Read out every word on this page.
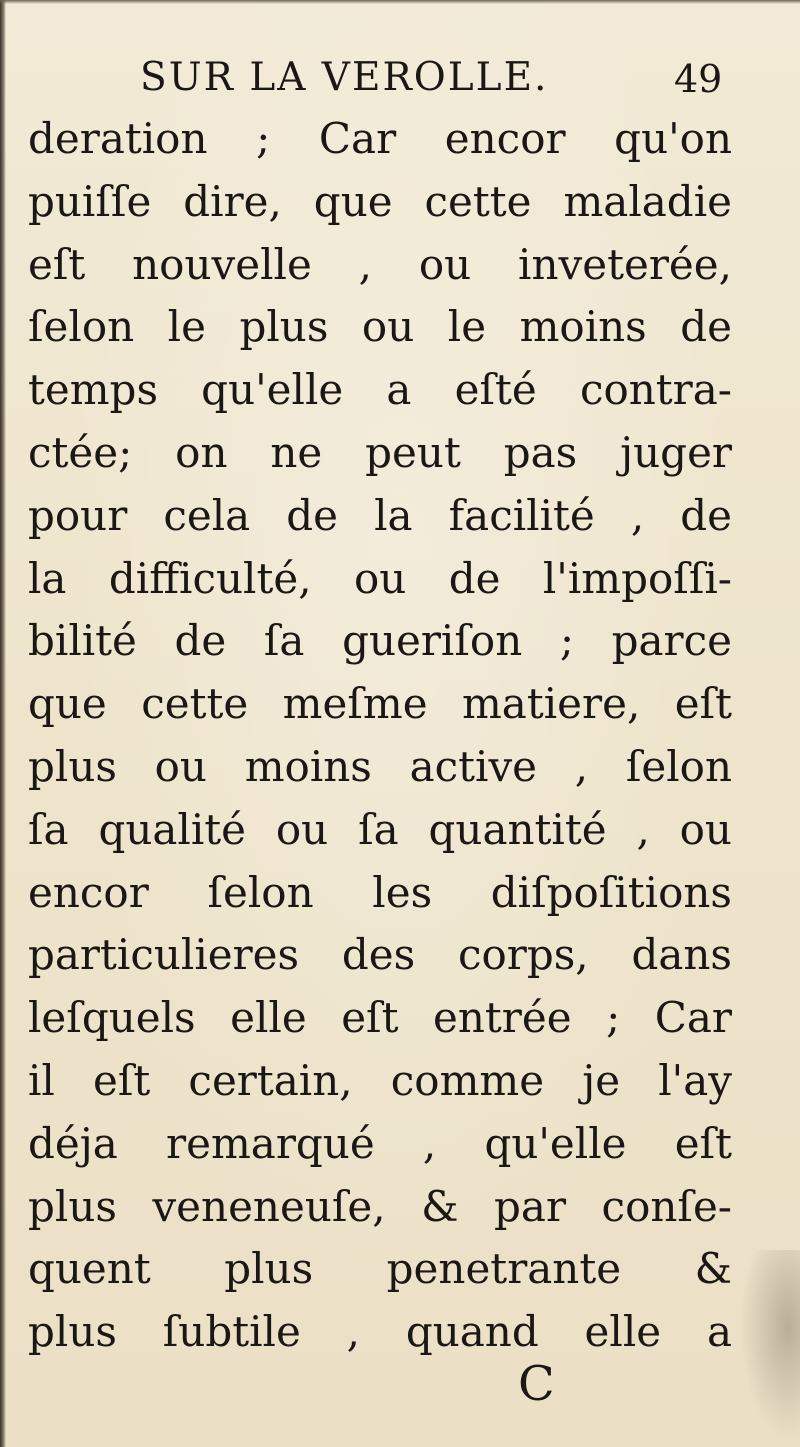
SUR LA VEROLLE.	49
deration ; Car encor qu'on
puiſſe dire, que cette maladie
eſt nouvelle , ou inveterée,
ſelon le plus ou le moins de
temps qu'elle a eſté contra-
ctée; on ne peut pas juger
pour cela de la facilité , de
la difficulté, ou de l'impoſſi-
bilité de ſa gueriſon ; parce
que cette meſme matiere, eſt
plus ou moins active , ſelon
ſa qualité ou ſa quantité , ou
encor ſelon les diſpoſitions
particulieres des corps, dans
leſquels elle eſt entrée ; Car
il eſt certain, comme je l'ay
déja remarqué , qu'elle eſt
plus veneneuſe, & par conſe-
quent plus penetrante &
plus ſubtile , quand elle a
C
